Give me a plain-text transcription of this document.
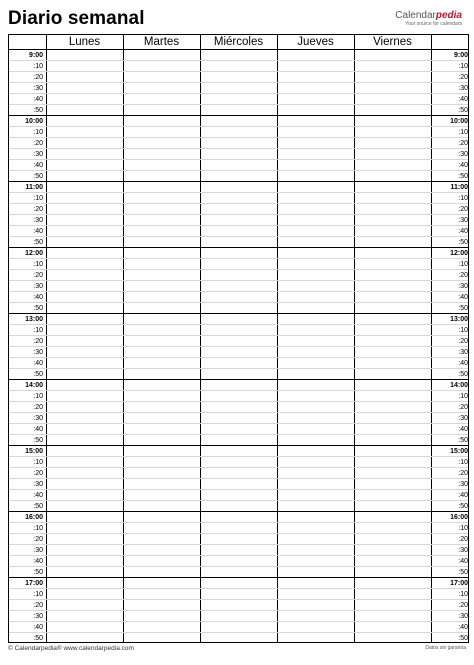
Diario semanal	Calendarpedia
Your source for calendars
Lunes	Martes	Miércoles	Jueves	Viernes
9:00	9:00
:10	:10
:20	:20
:30	:30
:40	:40
:50	:50
10:00	10:00
:10	:10
:20	:20
:30	:30
:40	:40
:50	:50
11:00	11:00
:10	:10
:20	:20
:30	:30
:40	:40
:50	:50
12:00	12:00
:10	:10
:20	:20
:30	:30
:40	:40
:50	:50
13:00	13:00
:10	:10
:20	:20
:30	:30
:40	:40
:50	:50
14:00	14:00
:10	:10
:20	:20
:30	:30
:40	:40
:50	:50
15:00	15:00
:10	:10
:20	:20
:30	:30
:40	:40
:50	:50
16:00	16:00
:10	:10
:20	:20
:30	:30
:40	:40
:50	:50
17:00	17:00
:10	:10
:20	:20
:30	:30
:40	:40
:50	:50
© Calendarpedia® www.calendarpedia.com	Datos sin garantía
